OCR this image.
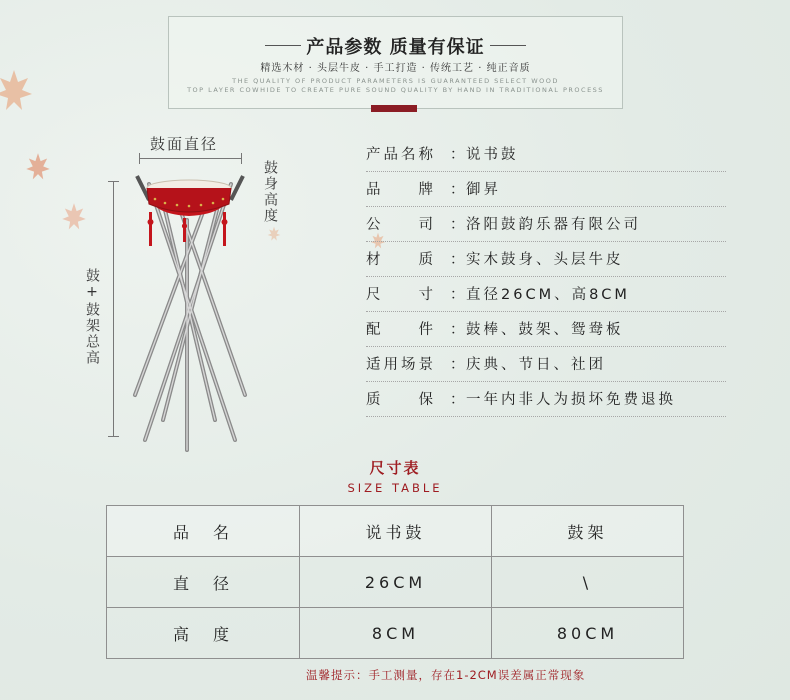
产品参数 质量有保证
精选木材 · 头层牛皮 · 手工打造 · 传统工艺 · 纯正音质
THE QUALITY OF PRODUCT PARAMETERS IS GUARANTEED SELECT WOOD
TOP LAYER COWHIDE TO CREATE PURE SOUND QUALITY BY HAND IN TRADITIONAL PROCESS
鼓面直径
鼓身高度
鼓+鼓架总高
产品名称 ：
说书鼓
品　　牌 ：
御昇
公　　司 ：
洛阳鼓韵乐器有限公司
材　　质 ：
实木鼓身、头层牛皮
尺　　寸 ：
直径26CM、高8CM
配　　件 ：
鼓棒、鼓架、鸳鸯板
适用场景 ：
庆典、节日、社团
质　　保 ：
一年内非人为损坏免费退换
尺寸表
SIZE TABLE
品　名	说书鼓	鼓架
直　径	26CM	\
高　度	8CM	80CM
温馨提示：手工测量，存在1-2CM误差属正常现象
